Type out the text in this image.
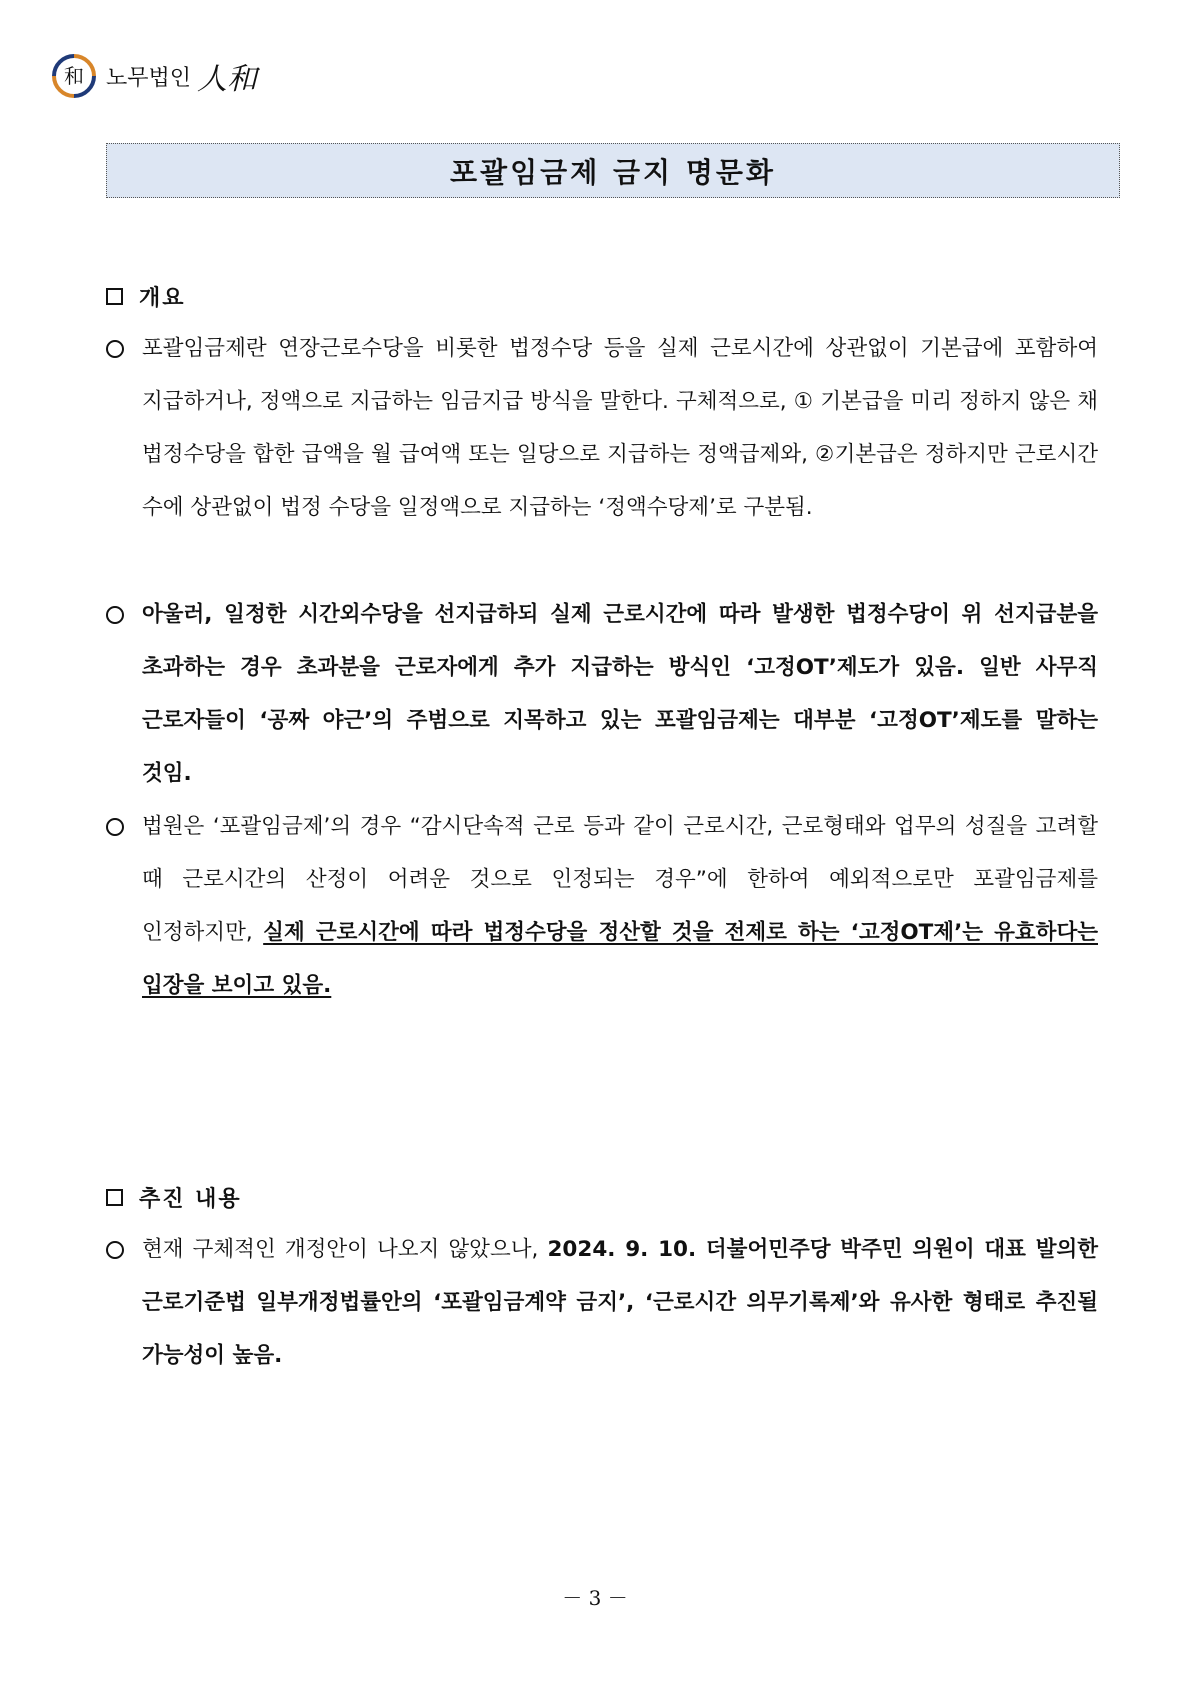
和 노무법인 人和
포괄임금제 금지 명문화
개요
포괄임금제란 연장근로수당을 비롯한 법정수당 등을 실제 근로시간에 상관없이 기본급에 포함하여 지급하거나, 정액으로 지급하는 임금지급 방식을 말한다. 구체적으로, ① 기본급을 미리 정하지 않은 채 법정수당을 합한 급액을 월 급여액 또는 일당으로 지급하는 정액급제와, ②기본급은 정하지만 근로시간 수에 상관없이 법정 수당을 일정액으로 지급하는 ‘정액수당제’로 구분됨.
아울러, 일정한 시간외수당을 선지급하되 실제 근로시간에 따라 발생한 법정수당이 위 선지급분을 초과하는 경우 초과분을 근로자에게 추가 지급하는 방식인 ‘고정OT’제도가 있음. 일반 사무직 근로자들이 ‘공짜 야근’의 주범으로 지목하고 있는 포괄임금제는 대부분 ‘고정OT’제도를 말하는 것임.
법원은 ‘포괄임금제’의 경우 “감시단속적 근로 등과 같이 근로시간, 근로형태와 업무의 성질을 고려할 때 근로시간의 산정이 어려운 것으로 인정되는 경우”에 한하여 예외적으로만 포괄임금제를 인정하지만, 실제 근로시간에 따라 법정수당을 정산할 것을 전제로 하는 ‘고정OT제’는 유효하다는 입장을 보이고 있음.
추진 내용
현재 구체적인 개정안이 나오지 않았으나, 2024. 9. 10. 더불어민주당 박주민 의원이 대표 발의한 근로기준법 일부개정법률안의 ‘포괄임금계약 금지’, ‘근로시간 의무기록제’와 유사한 형태로 추진될 가능성이 높음.
－ 3 －
